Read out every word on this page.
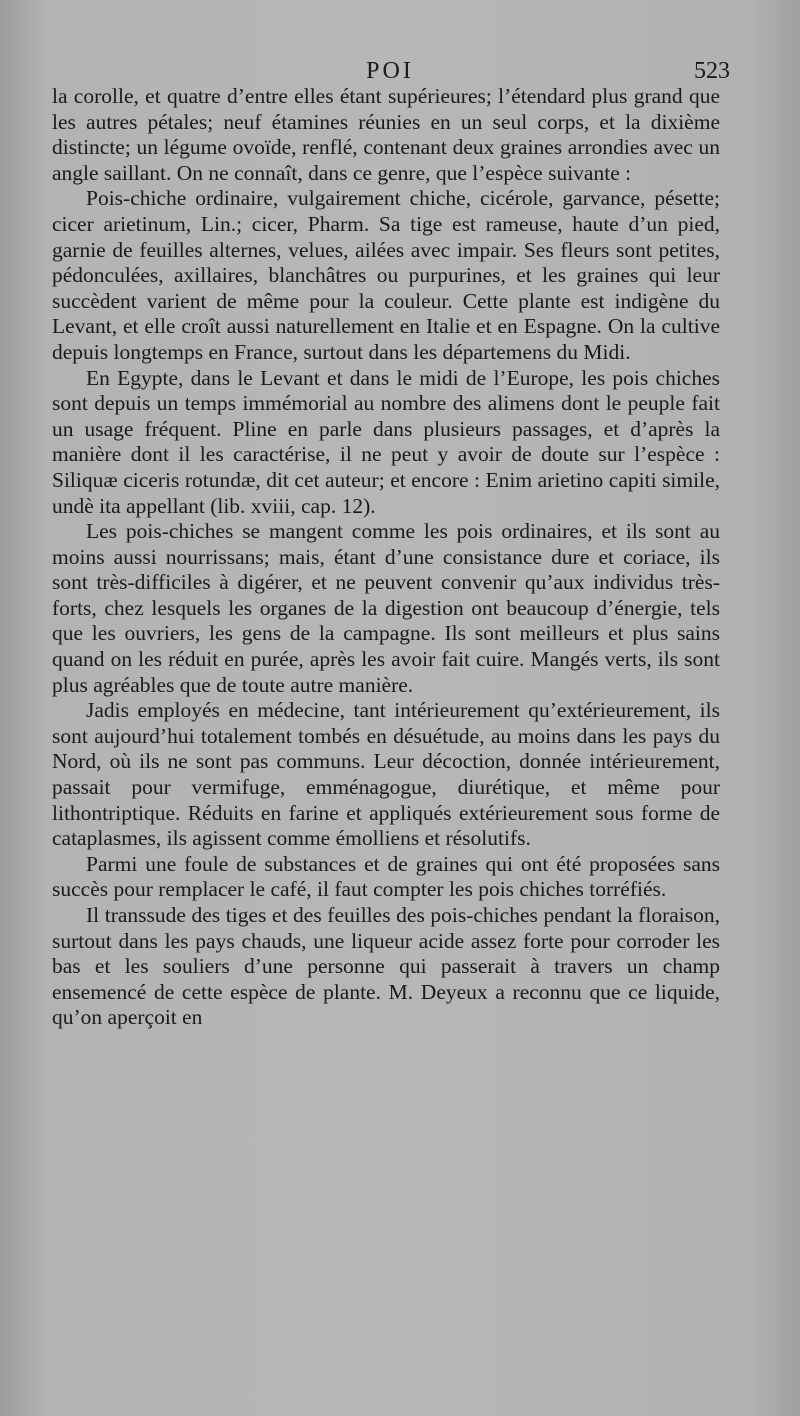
POI	523

la corolle, et quatre d’entre elles étant supérieures; l’étendard plus grand que les autres pétales; neuf étamines réunies en un seul corps, et la dixième distincte; un légume ovoïde, renflé, contenant deux graines arrondies avec un angle saillant. On ne connaît, dans ce genre, que l’espèce suivante :

Pois-chiche ordinaire, vulgairement chiche, cicérole, garvance, pésette; cicer arietinum, Lin.; cicer, Pharm. Sa tige est rameuse, haute d’un pied, garnie de feuilles alternes, velues, ailées avec impair. Ses fleurs sont petites, pédonculées, axillaires, blanchâtres ou purpurines, et les graines qui leur succèdent varient de même pour la couleur. Cette plante est indigène du Levant, et elle croît aussi naturellement en Italie et en Espagne. On la cultive depuis longtemps en France, surtout dans les départemens du Midi.

En Egypte, dans le Levant et dans le midi de l’Europe, les pois chiches sont depuis un temps immémorial au nombre des alimens dont le peuple fait un usage fréquent. Pline en parle dans plusieurs passages, et d’après la manière dont il les caractérise, il ne peut y avoir de doute sur l’espèce : Siliquæ ciceris rotundæ, dit cet auteur; et encore : Enim arietino capiti simile, undè ita appellant (lib. xviii, cap. 12).

Les pois-chiches se mangent comme les pois ordinaires, et ils sont au moins aussi nourrissans; mais, étant d’une consistance dure et coriace, ils sont très-difficiles à digérer, et ne peuvent convenir qu’aux individus très-forts, chez lesquels les organes de la digestion ont beaucoup d’énergie, tels que les ouvriers, les gens de la campagne. Ils sont meilleurs et plus sains quand on les réduit en purée, après les avoir fait cuire. Mangés verts, ils sont plus agréables que de toute autre manière.

Jadis employés en médecine, tant intérieurement qu’extérieurement, ils sont aujourd’hui totalement tombés en désuétude, au moins dans les pays du Nord, où ils ne sont pas communs. Leur décoction, donnée intérieurement, passait pour vermifuge, emménagogue, diurétique, et même pour lithontriptique. Réduits en farine et appliqués extérieurement sous forme de cataplasmes, ils agissent comme émolliens et résolutifs.

Parmi une foule de substances et de graines qui ont été proposées sans succès pour remplacer le café, il faut compter les pois chiches torréfiés.

Il transsude des tiges et des feuilles des pois-chiches pendant la floraison, surtout dans les pays chauds, une liqueur acide assez forte pour corroder les bas et les souliers d’une personne qui passerait à travers un champ ensemencé de cette espèce de plante. M. Deyeux a reconnu que ce liquide, qu’on aperçoit en
